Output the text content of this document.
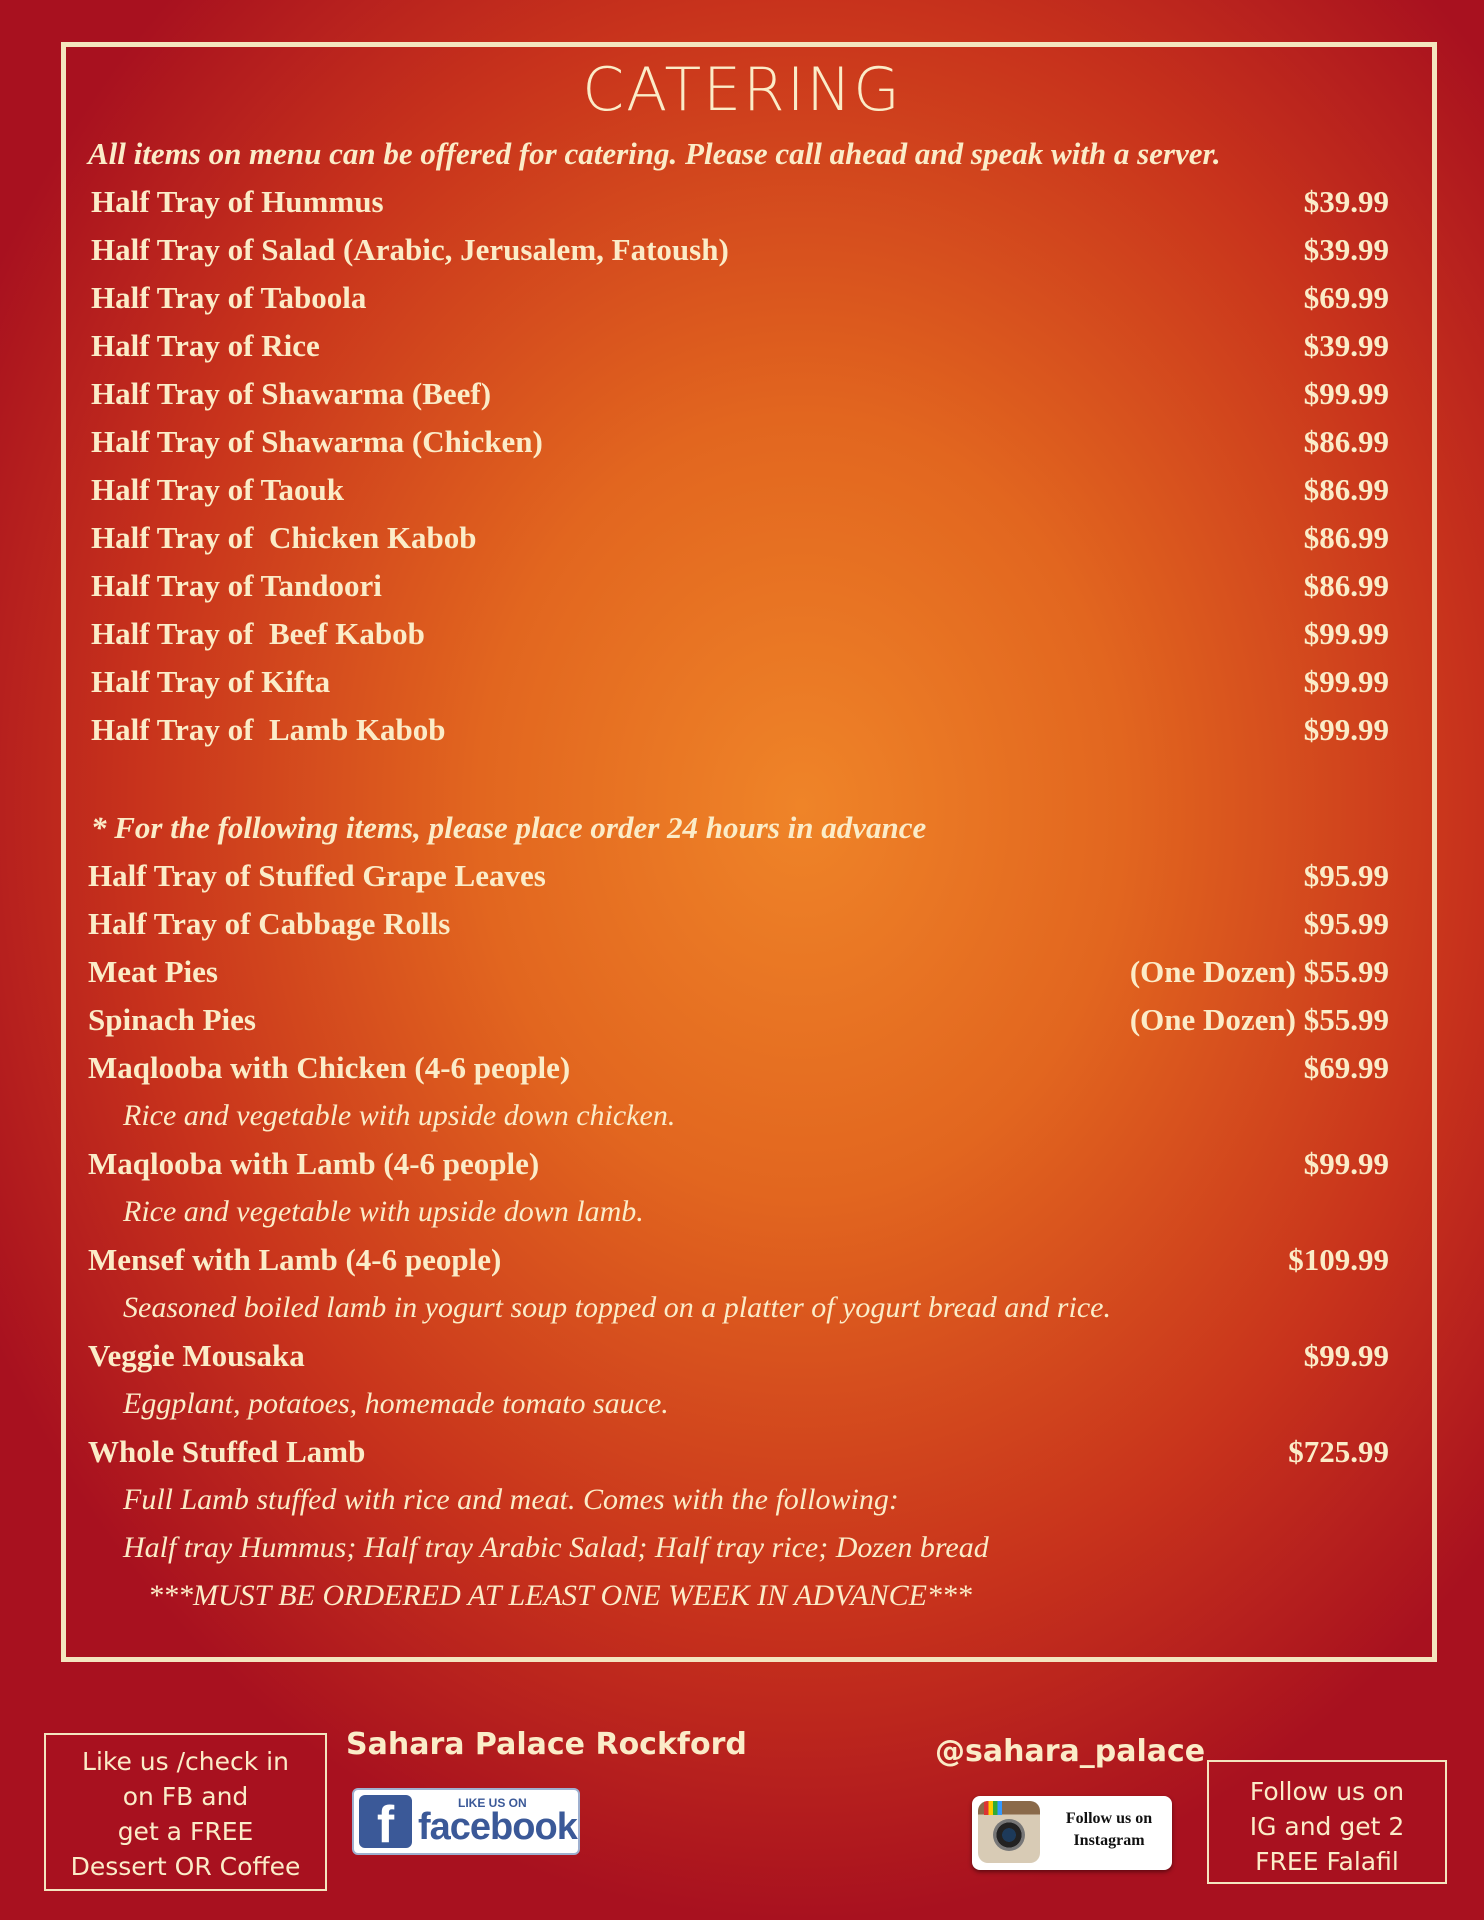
CATERING
All items on menu can be offered for catering. Please call ahead and speak with a server.
Half Tray of Hummus	$39.99
Half Tray of Salad (Arabic, Jerusalem, Fatoush)	$39.99
Half Tray of Taboola	$69.99
Half Tray of Rice	$39.99
Half Tray of Shawarma (Beef)	$99.99
Half Tray of Shawarma (Chicken)	$86.99
Half Tray of Taouk	$86.99
Half Tray of  Chicken Kabob	$86.99
Half Tray of Tandoori	$86.99
Half Tray of  Beef Kabob	$99.99
Half Tray of Kifta	$99.99
Half Tray of  Lamb Kabob	$99.99
* For the following items, please place order 24 hours in advance
Half Tray of Stuffed Grape Leaves	$95.99
Half Tray of Cabbage Rolls	$95.99
Meat Pies	(One Dozen) $55.99
Spinach Pies	(One Dozen) $55.99
Maqlooba with Chicken (4-6 people)	$69.99
Rice and vegetable with upside down chicken.
Maqlooba with Lamb (4-6 people)	$99.99
Rice and vegetable with upside down lamb.
Mensef with Lamb (4-6 people)	$109.99
Seasoned boiled lamb in yogurt soup topped on a platter of yogurt bread and rice.
Veggie Mousaka	$99.99
Eggplant, potatoes, homemade tomato sauce.
Whole Stuffed Lamb	$725.99
Full Lamb stuffed with rice and meat. Comes with the following:
Half tray Hummus; Half tray Arabic Salad; Half tray rice; Dozen bread
***MUST BE ORDERED AT LEAST ONE WEEK IN ADVANCE***
Like us /check in
on FB and
get a FREE
Dessert OR Coffee
Sahara Palace Rockford
f	LIKE US ON
facebook
@sahara_palace
Follow us on
Instagram
Follow us on
IG and get 2
FREE Falafil
